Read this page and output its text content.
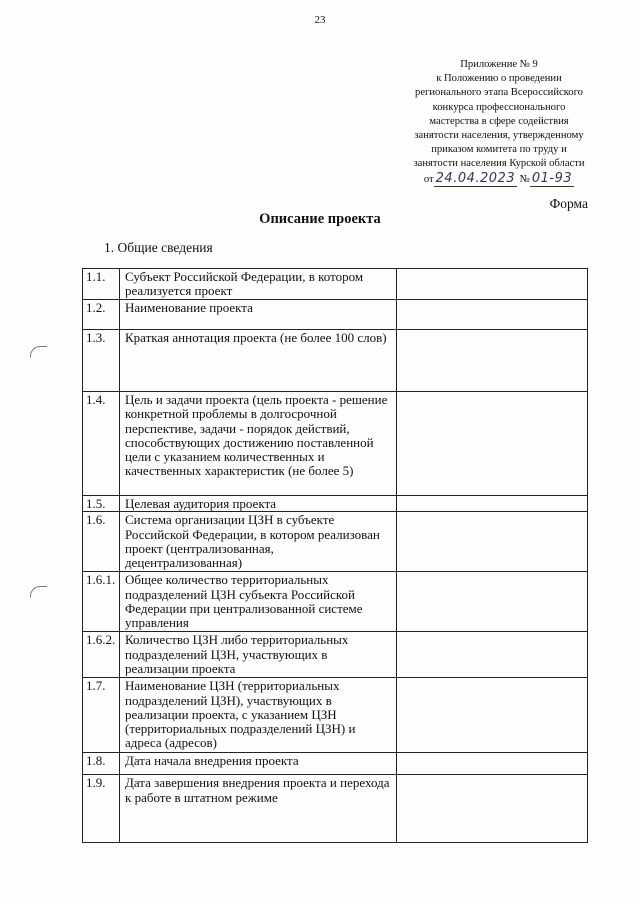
23
Приложение № 9
к Положению о проведении
регионального этапа Всероссийского
конкурса профессионального
мастерства в сфере содействия
занятости населения, утвержденному
приказом комитета по труду и
занятости населения Курской области
от 24.04.2023 № 01-93
Форма
Описание проекта
1. Общие сведения
1.1.	Субъект Российской Федерации, в котором реализуется проект	
1.2.	Наименование проекта	
1.3.	Краткая аннотация проекта (не более 100 слов)	
1.4.	Цель и задачи проекта (цель проекта - решение конкретной проблемы в долгосрочной перспективе, задачи - порядок действий, способствующих достижению поставленной цели с указанием количественных и качественных характеристик (не более 5)	
1.5.	Целевая аудитория проекта	
1.6.	Система организации ЦЗН в субъекте Российской Федерации, в котором реализован проект (централизованная, децентрализованная)	
1.6.1.	Общее количество территориальных подразделений ЦЗН субъекта Российской Федерации при централизованной системе управления	
1.6.2.	Количество ЦЗН либо территориальных подразделений ЦЗН, участвующих в реализации проекта	
1.7.	Наименование ЦЗН (территориальных подразделений ЦЗН), участвующих в реализации проекта, с указанием ЦЗН (территориальных подразделений ЦЗН) и адреса (адресов)	
1.8.	Дата начала внедрения проекта	
1.9.	Дата завершения внедрения проекта и перехода к работе в штатном режиме	
